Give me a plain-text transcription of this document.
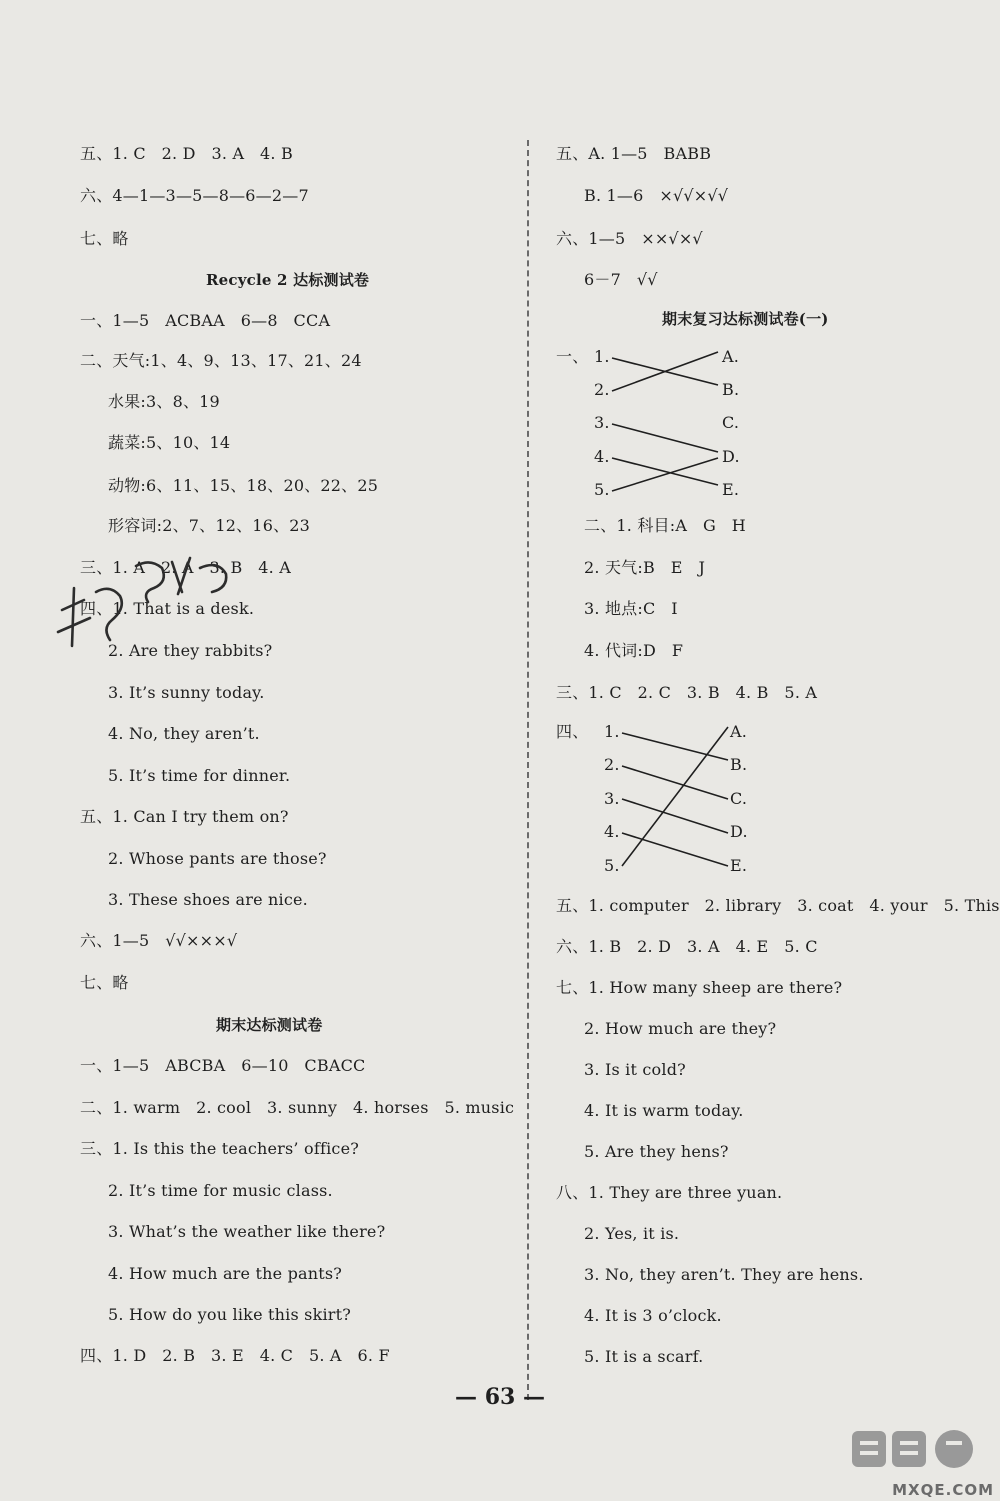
五、1. C   2. D   3. A   4. B
六、4—1—3—5—8—6—2—7
七、略
Recycle 2 达标测试卷
一、1—5   ACBAA   6—8   CCA
二、天气:1、4、9、13、17、21、24
水果:3、8、19
蔬菜:5、10、14
动物:6、11、15、18、20、22、25
形容词:2、7、12、16、23
三、1. A   2. A   3. B   4. A
四、1. That is a desk.
2. Are they rabbits?
3. It’s sunny today.
4. No, they aren’t.
5. It’s time for dinner.
五、1. Can I try them on?
2. Whose pants are those?
3. These shoes are nice.
六、1—5   √√×××√
七、略
期末达标测试卷
一、1—5   ABCBA   6—10   CBACC
二、1. warm   2. cool   3. sunny   4. horses   5. music
三、1. Is this the teachers’ office?
2. It’s time for music class.
3. What’s the weather like there?
4. How much are the pants?
5. How do you like this skirt?
四、1. D   2. B   3. E   4. C   5. A   6. F
五、A. 1—5   BABB
B. 1—6   ×√√×√√
六、1—5   ××√×√
6－7   √√
期末复习达标测试卷(一)
一、 1.
2.
3.
4.
5.
A.
B.
C.
D.
E.
二、1. 科目:A   G   H
2. 天气:B   E   J
3. 地点:C   I
4. 代词:D   F
三、1. C   2. C   3. B   4. B   5. A
四、 1.
2.
3.
4.
5.
A.
B.
C.
D.
E.
五、1. computer   2. library   3. coat   4. your   5. This
六、1. B   2. D   3. A   4. E   5. C
七、1. How many sheep are there?
2. How much are they?
3. Is it cold?
4. It is warm today.
5. Are they hens?
八、1. They are three yuan.
2. Yes, it is.
3. No, they aren’t. They are hens.
4. It is 3 o’clock.
5. It is a scarf.
— 63 —
MXQE.COM
